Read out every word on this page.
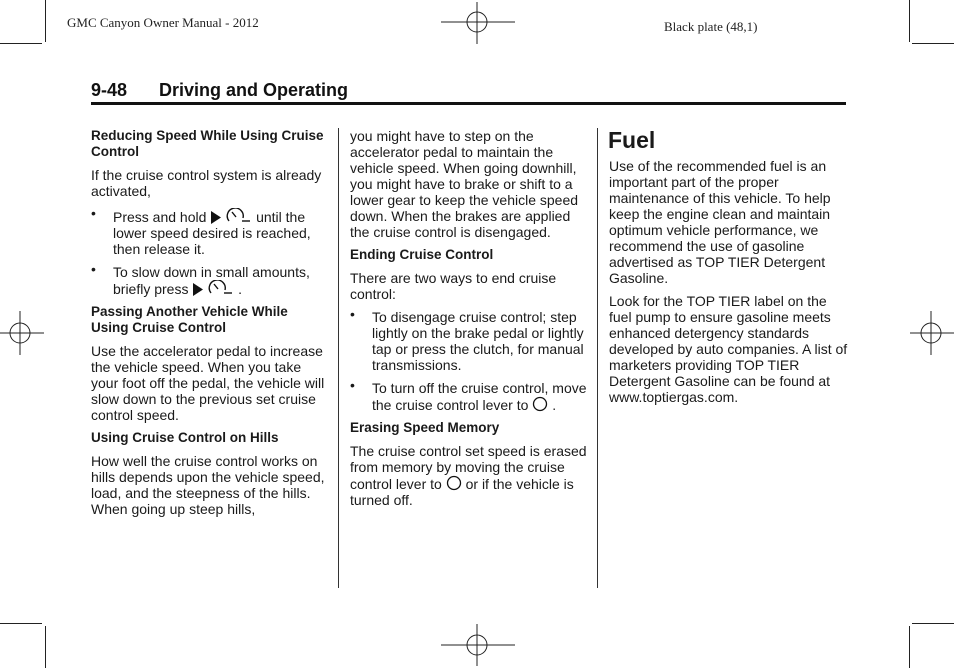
GMC Canyon Owner Manual - 2012	Black plate (48,1)
9-48 Driving and Operating
Reducing Speed While Using Cruise Control
If the cruise control system is already activated,
• Press and hold	until the lower speed desired is reached, then release it.
• To slow down in small amounts, briefly press	.
Passing Another Vehicle While Using Cruise Control
Use the accelerator pedal to increase the vehicle speed. When you take your foot off the pedal, the vehicle will slow down to the previous set cruise control speed.
Using Cruise Control on Hills
How well the cruise control works on hills depends upon the vehicle speed, load, and the steepness of the hills. When going up steep hills,
you might have to step on the accelerator pedal to maintain the vehicle speed. When going downhill, you might have to brake or shift to a lower gear to keep the vehicle speed down. When the brakes are applied the cruise control is disengaged.
Ending Cruise Control
There are two ways to end cruise control:
• To disengage cruise control; step lightly on the brake pedal or lightly tap or press the clutch, for manual transmissions.
• To turn off the cruise control, move the cruise control lever to .
Erasing Speed Memory
The cruise control set speed is erased from memory by moving the cruise control lever to or if the vehicle is turned off.
Fuel
Use of the recommended fuel is an important part of the proper maintenance of this vehicle. To help keep the engine clean and maintain optimum vehicle performance, we recommend the use of gasoline advertised as TOP TIER Detergent Gasoline.
Look for the TOP TIER label on the fuel pump to ensure gasoline meets enhanced detergency standards developed by auto companies. A list of marketers providing TOP TIER Detergent Gasoline can be found at www.toptiergas.com.
